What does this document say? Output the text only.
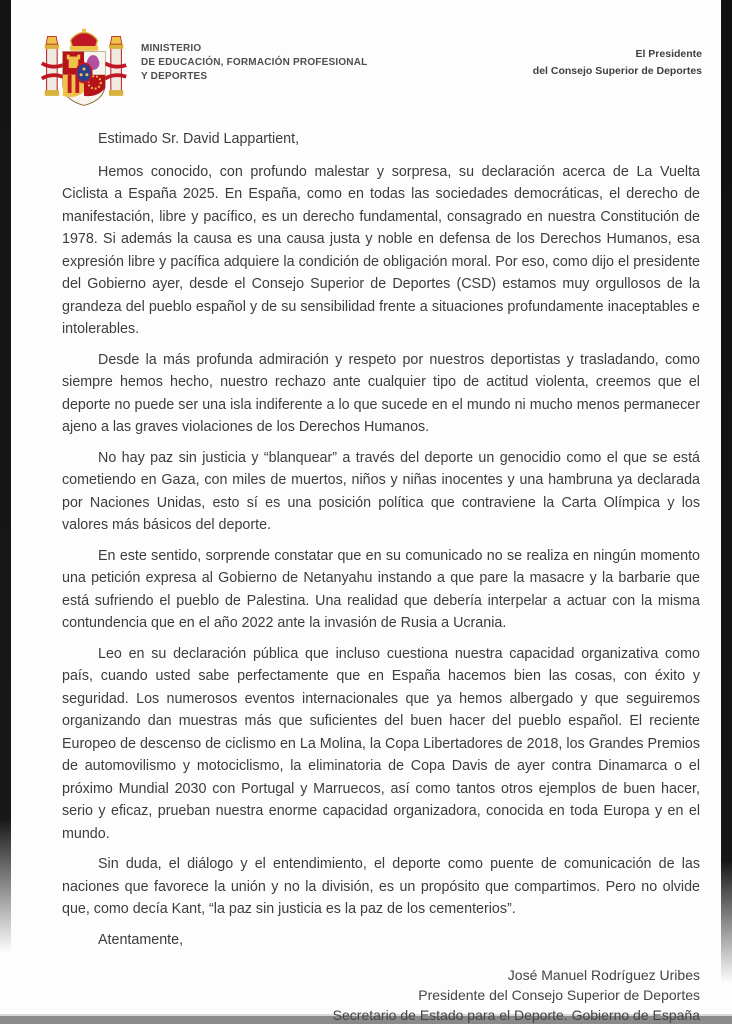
MINISTERIO
DE EDUCACIÓN, FORMACIÓN PROFESIONAL
Y DEPORTES
El Presidente
del Consejo Superior de Deportes

Estimado Sr. David Lappartient,

Hemos conocido, con profundo malestar y sorpresa, su declaración acerca de La Vuelta Ciclista a España 2025. En España, como en todas las sociedades democráticas, el derecho de manifestación, libre y pacífico, es un derecho fundamental, consagrado en nuestra Constitución de 1978. Si además la causa es una causa justa y noble en defensa de los Derechos Humanos, esa expresión libre y pacífica adquiere la condición de obligación moral. Por eso, como dijo el presidente del Gobierno ayer, desde el Consejo Superior de Deportes (CSD) estamos muy orgullosos de la grandeza del pueblo español y de su sensibilidad frente a situaciones profundamente inaceptables e intolerables.

Desde la más profunda admiración y respeto por nuestros deportistas y trasladando, como siempre hemos hecho, nuestro rechazo ante cualquier tipo de actitud violenta, creemos que el deporte no puede ser una isla indiferente a lo que sucede en el mundo ni mucho menos permanecer ajeno a las graves violaciones de los Derechos Humanos.

No hay paz sin justicia y “blanquear” a través del deporte un genocidio como el que se está cometiendo en Gaza, con miles de muertos, niños y niñas inocentes y una hambruna ya declarada por Naciones Unidas, esto sí es una posición política que contraviene la Carta Olímpica y los valores más básicos del deporte.

En este sentido, sorprende constatar que en su comunicado no se realiza en ningún momento una petición expresa al Gobierno de Netanyahu instando a que pare la masacre y la barbarie que está sufriendo el pueblo de Palestina. Una realidad que debería interpelar a actuar con la misma contundencia que en el año 2022 ante la invasión de Rusia a Ucrania.

Leo en su declaración pública que incluso cuestiona nuestra capacidad organizativa como país, cuando usted sabe perfectamente que en España hacemos bien las cosas, con éxito y seguridad. Los numerosos eventos internacionales que ya hemos albergado y que seguiremos organizando dan muestras más que suficientes del buen hacer del pueblo español. El reciente Europeo de descenso de ciclismo en La Molina, la Copa Libertadores de 2018, los Grandes Premios de automovilismo y motociclismo, la eliminatoria de Copa Davis de ayer contra Dinamarca o el próximo Mundial 2030 con Portugal y Marruecos, así como tantos otros ejemplos de buen hacer, serio y eficaz, prueban nuestra enorme capacidad organizadora, conocida en toda Europa y en el mundo.

Sin duda, el diálogo y el entendimiento, el deporte como puente de comunicación de las naciones que favorece la unión y no la división, es un propósito que compartimos. Pero no olvide que, como decía Kant, “la paz sin justicia es la paz de los cementerios”.

Atentamente,

José Manuel Rodríguez Uribes
Presidente del Consejo Superior de Deportes
Secretario de Estado para el Deporte. Gobierno de España
